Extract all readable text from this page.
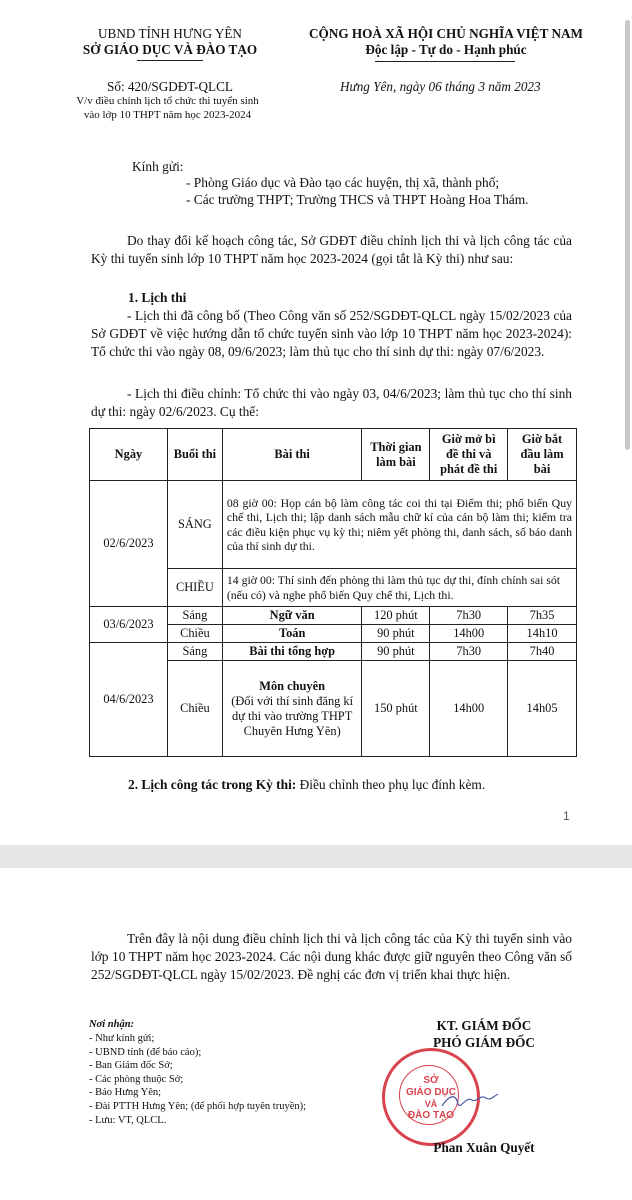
UBND TỈNH HƯNG YÊN
SỞ GIÁO DỤC VÀ ĐÀO TẠO
CỘNG HOÀ XÃ HỘI CHỦ NGHĨA VIỆT NAM
Độc lập - Tự do - Hạnh phúc
Số: 420/SGDĐT-QLCL
V/v điều chỉnh lịch tổ chức thi tuyển sinh
vào lớp 10 THPT năm học 2023-2024
Hưng Yên, ngày 06 tháng 3 năm 2023
Kính gửi:
- Phòng Giáo dục và Đào tạo các huyện, thị xã, thành phố;
- Các trường THPT; Trường THCS và THPT Hoàng Hoa Thám.
Do thay đổi kế hoạch công tác, Sở GDĐT điều chỉnh lịch thi và lịch công tác của Kỳ thi tuyển sinh lớp 10 THPT năm học 2023-2024 (gọi tắt là Kỳ thi) như sau:
1. Lịch thi
- Lịch thi đã công bố (Theo Công văn số 252/SGDĐT-QLCL ngày 15/02/2023 của Sở GDĐT về việc hướng dẫn tổ chức tuyển sinh vào lớp 10 THPT năm học 2023-2024): Tổ chức thi vào ngày 08, 09/6/2023; làm thủ tục cho thí sinh dự thi: ngày 07/6/2023.
- Lịch thi điều chỉnh: Tổ chức thi vào ngày 03, 04/6/2023; làm thủ tục cho thí sinh dự thi: ngày 02/6/2023. Cụ thể:
Ngày	Buổi thi	Bài thi	Thời gian làm bài	Giờ mở bì đề thi và phát đề thi	Giờ bắt đầu làm bài
02/6/2023	SÁNG	08 giờ 00: Họp cán bộ làm công tác coi thi tại Điểm thi; phổ biến Quy chế thi, Lịch thi; lập danh sách mẫu chữ kí của cán bộ làm thi; kiểm tra các điều kiện phục vụ kỳ thi; niêm yết phòng thi, danh sách, số báo danh của thí sinh dự thi.			
	CHIỀU	14 giờ 00: Thí sinh đến phòng thi làm thủ tục dự thi, đính chính sai sót (nếu có) và nghe phổ biến Quy chế thi, Lịch thi.			
03/6/2023	Sáng	Ngữ văn	120 phút	7h30	7h35
	Chiều	Toán	90 phút	14h00	14h10
04/6/2023	Sáng	Bài thi tổng hợp	90 phút	7h30	7h40
	Chiều	Môn chuyên
(Đối với thí sinh đăng kí dự thi vào trường THPT Chuyên Hưng Yên)	150 phút	14h00	14h05
2. Lịch công tác trong Kỳ thi: Điều chỉnh theo phụ lục đính kèm.
1
Trên đây là nội dung điều chỉnh lịch thi và lịch công tác của Kỳ thi tuyển sinh vào lớp 10 THPT năm học 2023-2024. Các nội dung khác được giữ nguyên theo Công văn số 252/SGDĐT-QLCL ngày 15/02/2023. Đề nghị các đơn vị triển khai thực hiện.
Nơi nhận:
- Như kính gửi;
- UBND tỉnh (để báo cáo);
- Ban Giám đốc Sở;
- Các phòng thuộc Sở;
- Báo Hưng Yên;
- Đài PTTH Hưng Yên; (để phối hợp tuyên truyền);
- Lưu: VT, QLCL.
KT. GIÁM ĐỐC
PHÓ GIÁM ĐỐC
SỞ
GIÁO DỤC
VÀ
ĐÀO TẠO
Phan Xuân Quyết
